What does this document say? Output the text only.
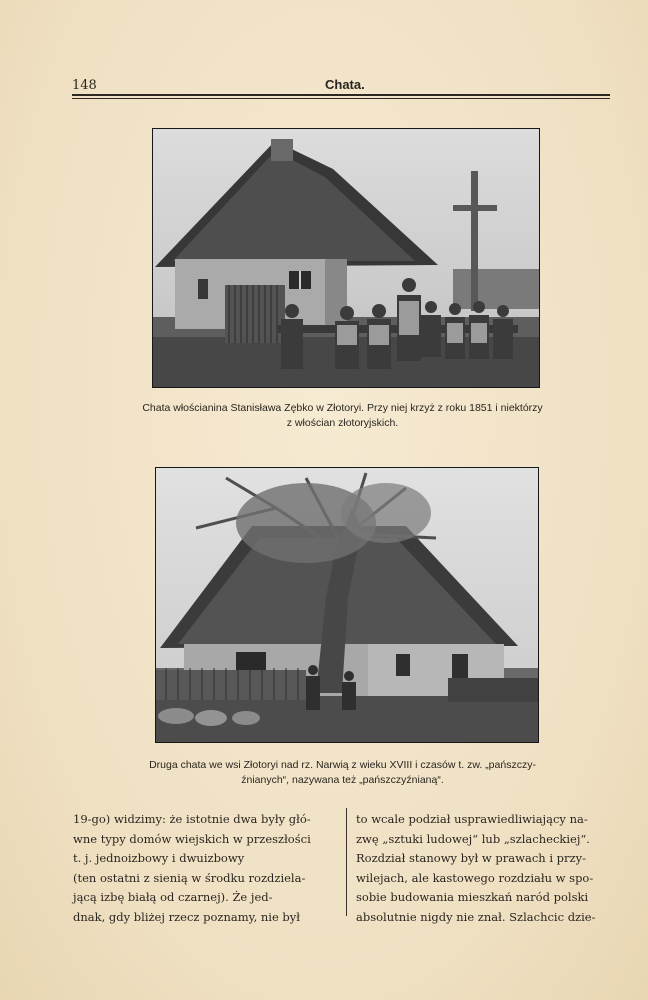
148	Chata.
Chata włościanina Stanisława Zębko w Złotoryi. Przy niej krzyż z roku 1851 i niektórzy
z włościan złotoryjskich.
Druga chata we wsi Złotoryi nad rz. Narwią z wieku XVIII i czasów t. zw. „pańszczy-
źnianych“, nazywana też „pańszczyźnianą“.
19-go) widzimy: że istotnie dwa były głó-
wne typy domów wiejskich w przeszłości
t. j. jednoizbowy i dwuizbowy
(ten ostatni z sienią w środku rozdziela-
jącą izbę białą od czarnej). Że jed-
dnak, gdy bliżej rzecz poznamy, nie był
to wcale podział usprawiedliwiający na-
zwę „sztuki ludowej“ lub „szlacheckiej“.
Rozdział stanowy był w prawach i przy-
wilejach, ale kastowego rozdziału w spo-
sobie budowania mieszkań naród polski
absolutnie nigdy nie znał. Szlachcic dzie-
